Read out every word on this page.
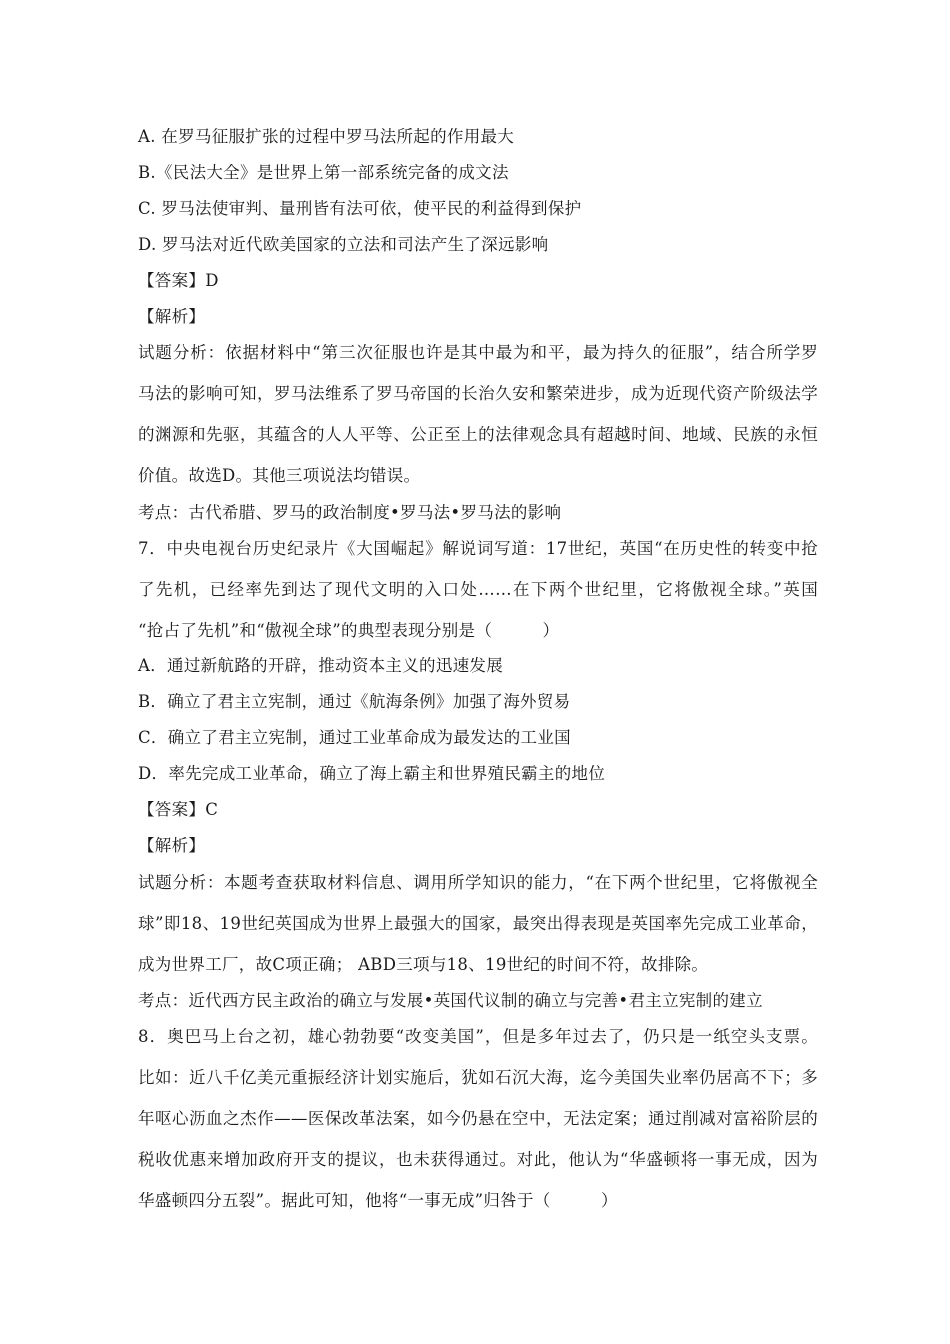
A. 在罗马征服扩张的过程中罗马法所起的作用最大
B.《民法大全》是世界上第一部系统完备的成文法
C. 罗马法使审判、量刑皆有法可依，使平民的利益得到保护
D. 罗马法对近代欧美国家的立法和司法产生了深远影响
【答案】D
【解析】
试题分析：依据材料中“第三次征服也许是其中最为和平，最为持久的征服”，结合所学罗
马法的影响可知，罗马法维系了罗马帝国的长治久安和繁荣进步，成为近现代资产阶级法学
的渊源和先驱，其蕴含的人人平等、公正至上的法律观念具有超越时间、地域、民族的永恒
价值。故选D。其他三项说法均错误。
考点：古代希腊、罗马的政治制度•罗马法•罗马法的影响
7．中央电视台历史纪录片《大国崛起》解说词写道：17世纪，英国“在历史性的转变中抢
了先机，已经率先到达了现代文明的入口处……在下两个世纪里，它将傲视全球。”英国
“抢占了先机”和“傲视全球”的典型表现分别是（　　　）
A．通过新航路的开辟，推动资本主义的迅速发展
B．确立了君主立宪制，通过《航海条例》加强了海外贸易
C．确立了君主立宪制，通过工业革命成为最发达的工业国
D．率先完成工业革命，确立了海上霸主和世界殖民霸主的地位
【答案】C
【解析】
试题分析：本题考查获取材料信息、调用所学知识的能力，“在下两个世纪里，它将傲视全
球”即18、19世纪英国成为世界上最强大的国家，最突出得表现是英国率先完成工业革命，
成为世界工厂，故C项正确； ABD三项与18、19世纪的时间不符，故排除。
考点：近代西方民主政治的确立与发展•英国代议制的确立与完善•君主立宪制的建立
8．奥巴马上台之初，雄心勃勃要“改变美国”，但是多年过去了，仍只是一纸空头支票。
比如：近八千亿美元重振经济计划实施后，犹如石沉大海，迄今美国失业率仍居高不下；多
年呕心沥血之杰作——医保改革法案，如今仍悬在空中，无法定案；通过削减对富裕阶层的
税收优惠来增加政府开支的提议，也未获得通过。对此，他认为“华盛顿将一事无成，因为
华盛顿四分五裂”。据此可知，他将“一事无成”归咎于（　　　）
